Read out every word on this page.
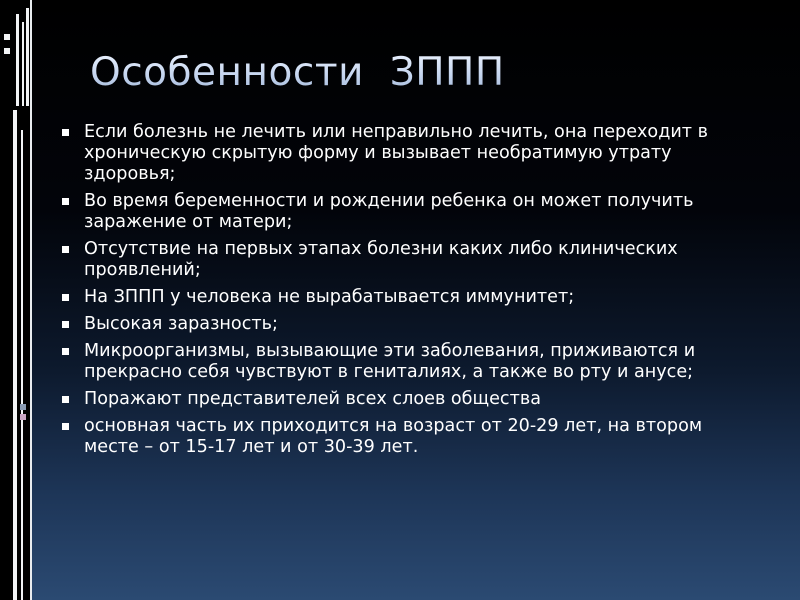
Особенности  ЗППП
Если болезнь не лечить или неправильно лечить, она переходит в хроническую скрытую форму и вызывает необратимую утрату здоровья;
Во время беременности и рождении ребенка он может получить заражение от матери;
Отсутствие на первых этапах болезни каких либо клинических проявлений;
На ЗППП у человека не вырабатывается иммунитет;
Высокая заразность;
Микроорганизмы, вызывающие эти заболевания, приживаются и прекрасно себя чувствуют в гениталиях, а также во рту и анусе;
Поражают представителей всех слоев общества
основная часть их приходится на возраст от 20-29 лет, на втором месте – от 15-17 лет и от 30-39 лет.
